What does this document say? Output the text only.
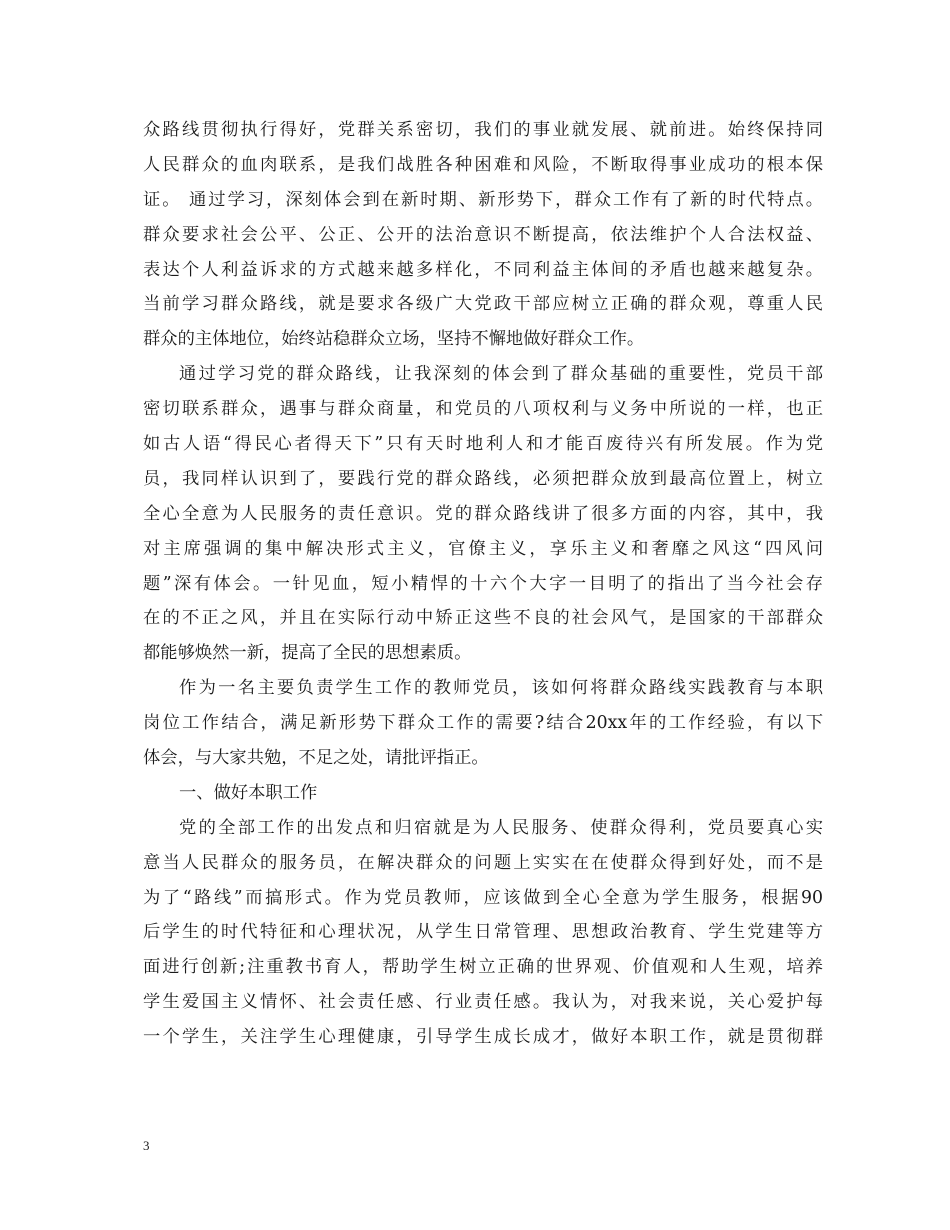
众路线贯彻执行得好，党群关系密切，我们的事业就发展、就前进。始终保持同
人民群众的血肉联系，是我们战胜各种困难和风险，不断取得事业成功的根本保
证。 通过学习，深刻体会到在新时期、新形势下，群众工作有了新的时代特点。
群众要求社会公平、公正、公开的法治意识不断提高，依法维护个人合法权益、
表达个人利益诉求的方式越来越多样化，不同利益主体间的矛盾也越来越复杂。
当前学习群众路线，就是要求各级广大党政干部应树立正确的群众观，尊重人民
群众的主体地位，始终站稳群众立场，坚持不懈地做好群众工作。
通过学习党的群众路线，让我深刻的体会到了群众基础的重要性，党员干部
密切联系群众，遇事与群众商量，和党员的八项权利与义务中所说的一样，也正
如古人语“得民心者得天下”只有天时地利人和才能百废待兴有所发展。作为党
员，我同样认识到了，要践行党的群众路线，必须把群众放到最高位置上，树立
全心全意为人民服务的责任意识。党的群众路线讲了很多方面的内容，其中，我
对主席强调的集中解决形式主义，官僚主义，享乐主义和奢靡之风这“四风问
题”深有体会。一针见血，短小精悍的十六个大字一目明了的指出了当今社会存
在的不正之风，并且在实际行动中矫正这些不良的社会风气，是国家的干部群众
都能够焕然一新，提高了全民的思想素质。
作为一名主要负责学生工作的教师党员，该如何将群众路线实践教育与本职
岗位工作结合，满足新形势下群众工作的需要?结合20xx年的工作经验，有以下
体会，与大家共勉，不足之处，请批评指正。
一、做好本职工作
党的全部工作的出发点和归宿就是为人民服务、使群众得利，党员要真心实
意当人民群众的服务员，在解决群众的问题上实实在在使群众得到好处，而不是
为了“路线”而搞形式。作为党员教师，应该做到全心全意为学生服务，根据90
后学生的时代特征和心理状况，从学生日常管理、思想政治教育、学生党建等方
面进行创新;注重教书育人，帮助学生树立正确的世界观、价值观和人生观，培养
学生爱国主义情怀、社会责任感、行业责任感。我认为，对我来说，关心爱护每
一个学生，关注学生心理健康，引导学生成长成才，做好本职工作，就是贯彻群
3
